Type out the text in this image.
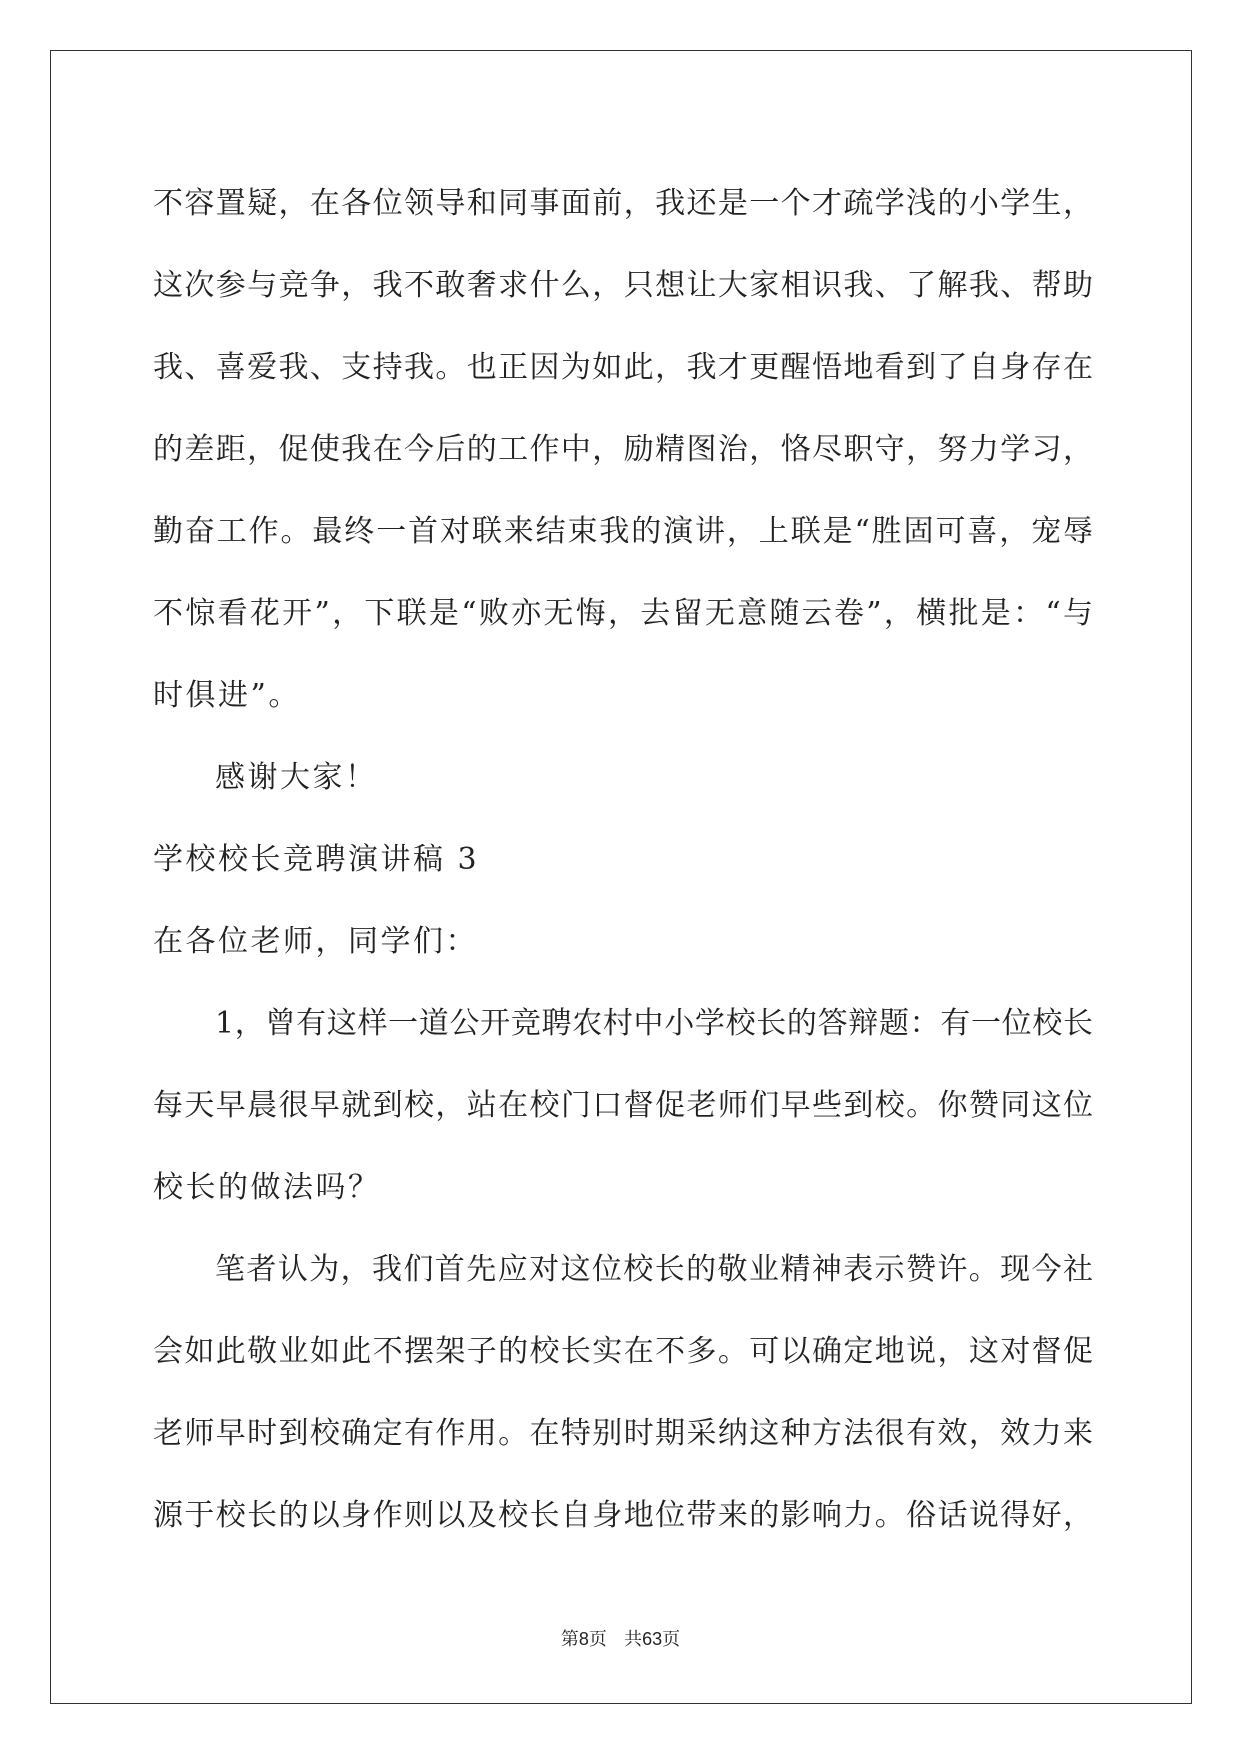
不容置疑，在各位领导和同事面前，我还是一个才疏学浅的小学生，
这次参与竞争，我不敢奢求什么，只想让大家相识我、了解我、帮助
我、喜爱我、支持我。也正因为如此，我才更醒悟地看到了自身存在
的差距，促使我在今后的工作中，励精图治，恪尽职守，努力学习，
勤奋工作。最终一首对联来结束我的演讲，上联是“胜固可喜，宠辱
不惊看花开”，下联是“败亦无悔，去留无意随云卷”，横批是：“与
时俱进”。
感谢大家！
学校校长竞聘演讲稿 3
在各位老师，同学们：
1，曾有这样一道公开竞聘农村中小学校长的答辩题：有一位校长
每天早晨很早就到校，站在校门口督促老师们早些到校。你赞同这位
校长的做法吗？
笔者认为，我们首先应对这位校长的敬业精神表示赞许。现今社
会如此敬业如此不摆架子的校长实在不多。可以确定地说，这对督促
老师早时到校确定有作用。在特别时期采纳这种方法很有效，效力来
源于校长的以身作则以及校长自身地位带来的影响力。俗话说得好，
第8页 共63页
